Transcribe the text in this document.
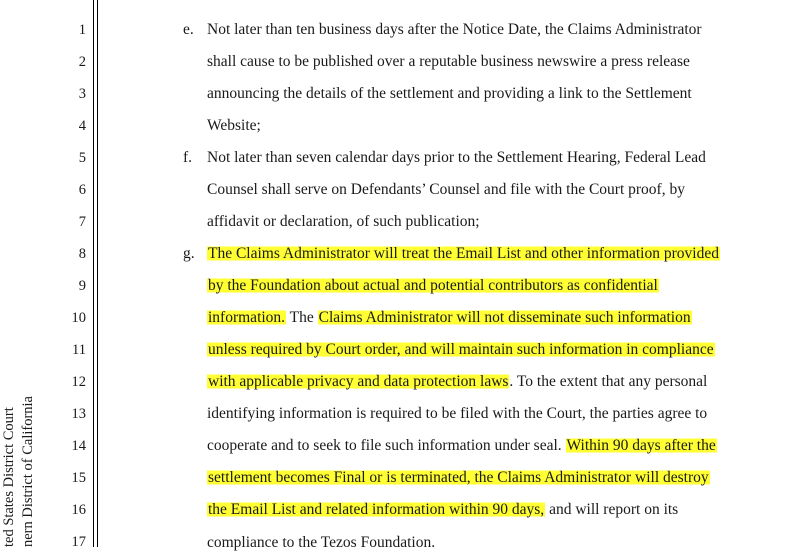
1
2
3
4
5
6
7
8
9
10
11
12
13
14
15
16
17
ted States District Court nern District of California
e. Not later than ten business days after the Notice Date, the Claims Administrator
shall cause to be published over a reputable business newswire a press release
announcing the details of the settlement and providing a link to the Settlement
Website;
f. Not later than seven calendar days prior to the Settlement Hearing, Federal Lead
Counsel shall serve on Defendants’ Counsel and file with the Court proof, by
affidavit or declaration, of such publication;
g. The Claims Administrator will treat the Email List and other information provided
by the Foundation about actual and potential contributors as confidential
information. The Claims Administrator will not disseminate such information
unless required by Court order, and will maintain such information in compliance
with applicable privacy and data protection laws. To the extent that any personal
identifying information is required to be filed with the Court, the parties agree to
cooperate and to seek to file such information under seal. Within 90 days after the
settlement becomes Final or is terminated, the Claims Administrator will destroy
the Email List and related information within 90 days, and will report on its
compliance to the Tezos Foundation.
